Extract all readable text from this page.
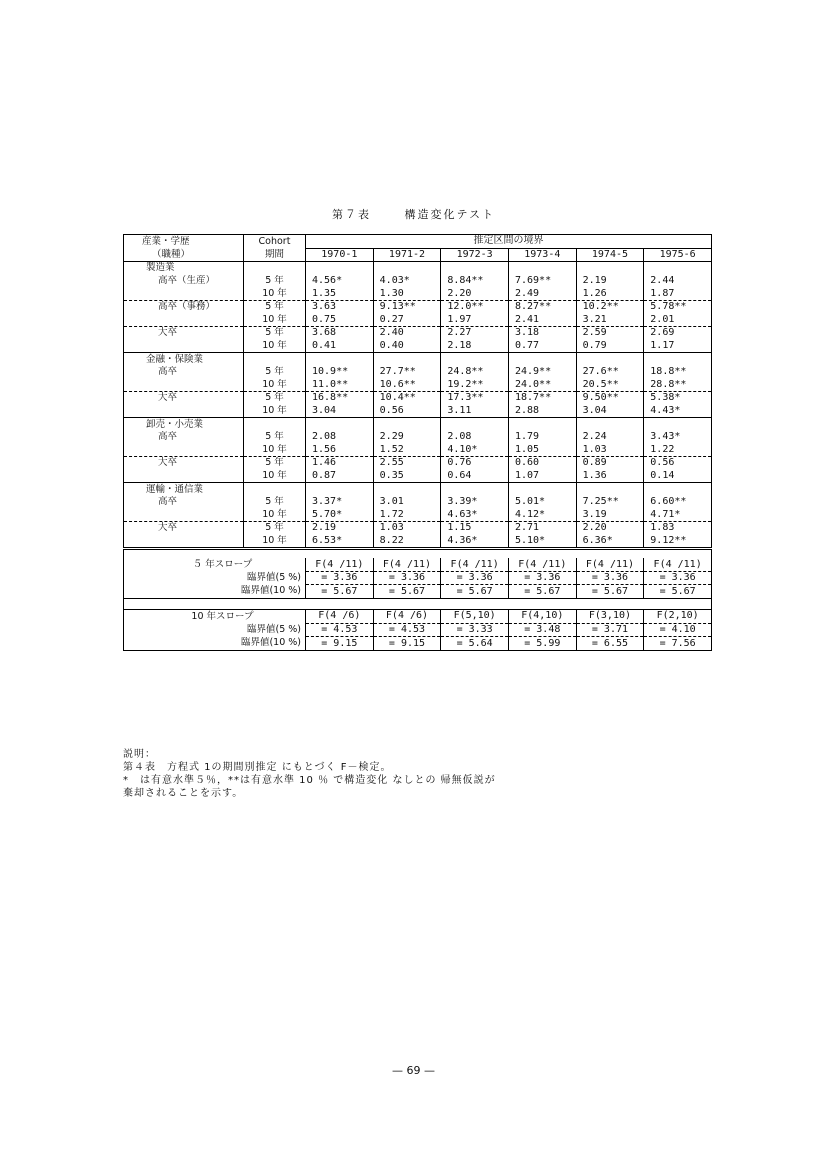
第７表	構造変化テスト
産業・学歴	Cohort	推定区間の境界					
（職種）	期間	1970-1	1971-2	1972-3	1973-4	1974-5	1975-6
製造業							
高卒（生産）	5 年	4.56*	4.03*	8.84**	7.69**	2.19	2.44
	10 年	1.35	1.30	2.20	2.49	1.26	1.87
高卒（事務）	5 年	3.63	9.13**	12.0**	8.27**	10.2**	5.78**
	10 年	0.75	0.27	1.97	2.41	3.21	2.01
大卒	5 年	3.68	2.40	2.27	3.18	2.59	2.69
	10 年	0.41	0.40	2.18	0.77	0.79	1.17
金融・保険業							
高卒	5 年	10.9**	27.7**	24.8**	24.9**	27.6**	18.8**
	10 年	11.0**	10.6**	19.2**	24.0**	20.5**	28.8**
大卒	5 年	16.8**	10.4**	17.3**	18.7**	9.50**	5.38*
	10 年	3.04	0.56	3.11	2.88	3.04	4.43*
卸売・小売業							
高卒	5 年	2.08	2.29	2.08	1.79	2.24	3.43*
	10 年	1.56	1.52	4.10*	1.05	1.03	1.22
大卒	5 年	1.46	2.55	0.76	0.60	0.89	0.56
	10 年	0.87	0.35	0.64	1.07	1.36	0.14
運輸・通信業							
高卒	5 年	3.37*	3.01	3.39*	5.01*	7.25**	6.60**
	10 年	5.70*	1.72	4.63*	4.12*	3.19	4.71*
大卒	5 年	2.19	1.03	1.15	2.71	2.20	1.83
	10 年	6.53*	8.22	4.36*	5.10*	6.36*	9.12**

５ 年スロープ		F(4 /11)	F(4 /11)	F(4 /11)	F(4 /11)	F(4 /11)	F(4 /11)
臨界値(5 %)		= 3.36	= 3.36	= 3.36	= 3.36	= 3.36	= 3.36
臨界値(10 %)		= 5.67	= 5.67	= 5.67	= 5.67	= 5.67	= 5.67

10 年スロープ		F(4 /6)	F(4 /6)	F(5,10)	F(4,10)	F(3,10)	F(2,10)
臨界値(5 %)		= 4.53	= 4.53	= 3.33	= 3.48	= 3.71	= 4.10
臨界値(10 %)		= 9.15	= 9.15	= 5.64	= 5.99	= 6.55	= 7.56
説明：
第４表　方程式 1の期間別推定 にもとづく F－検定。
*　は有意水準５％，**は有意水準 10 ％ で構造変化 なしとの 帰無仮説が
棄却されることを示す。
— 69 —
